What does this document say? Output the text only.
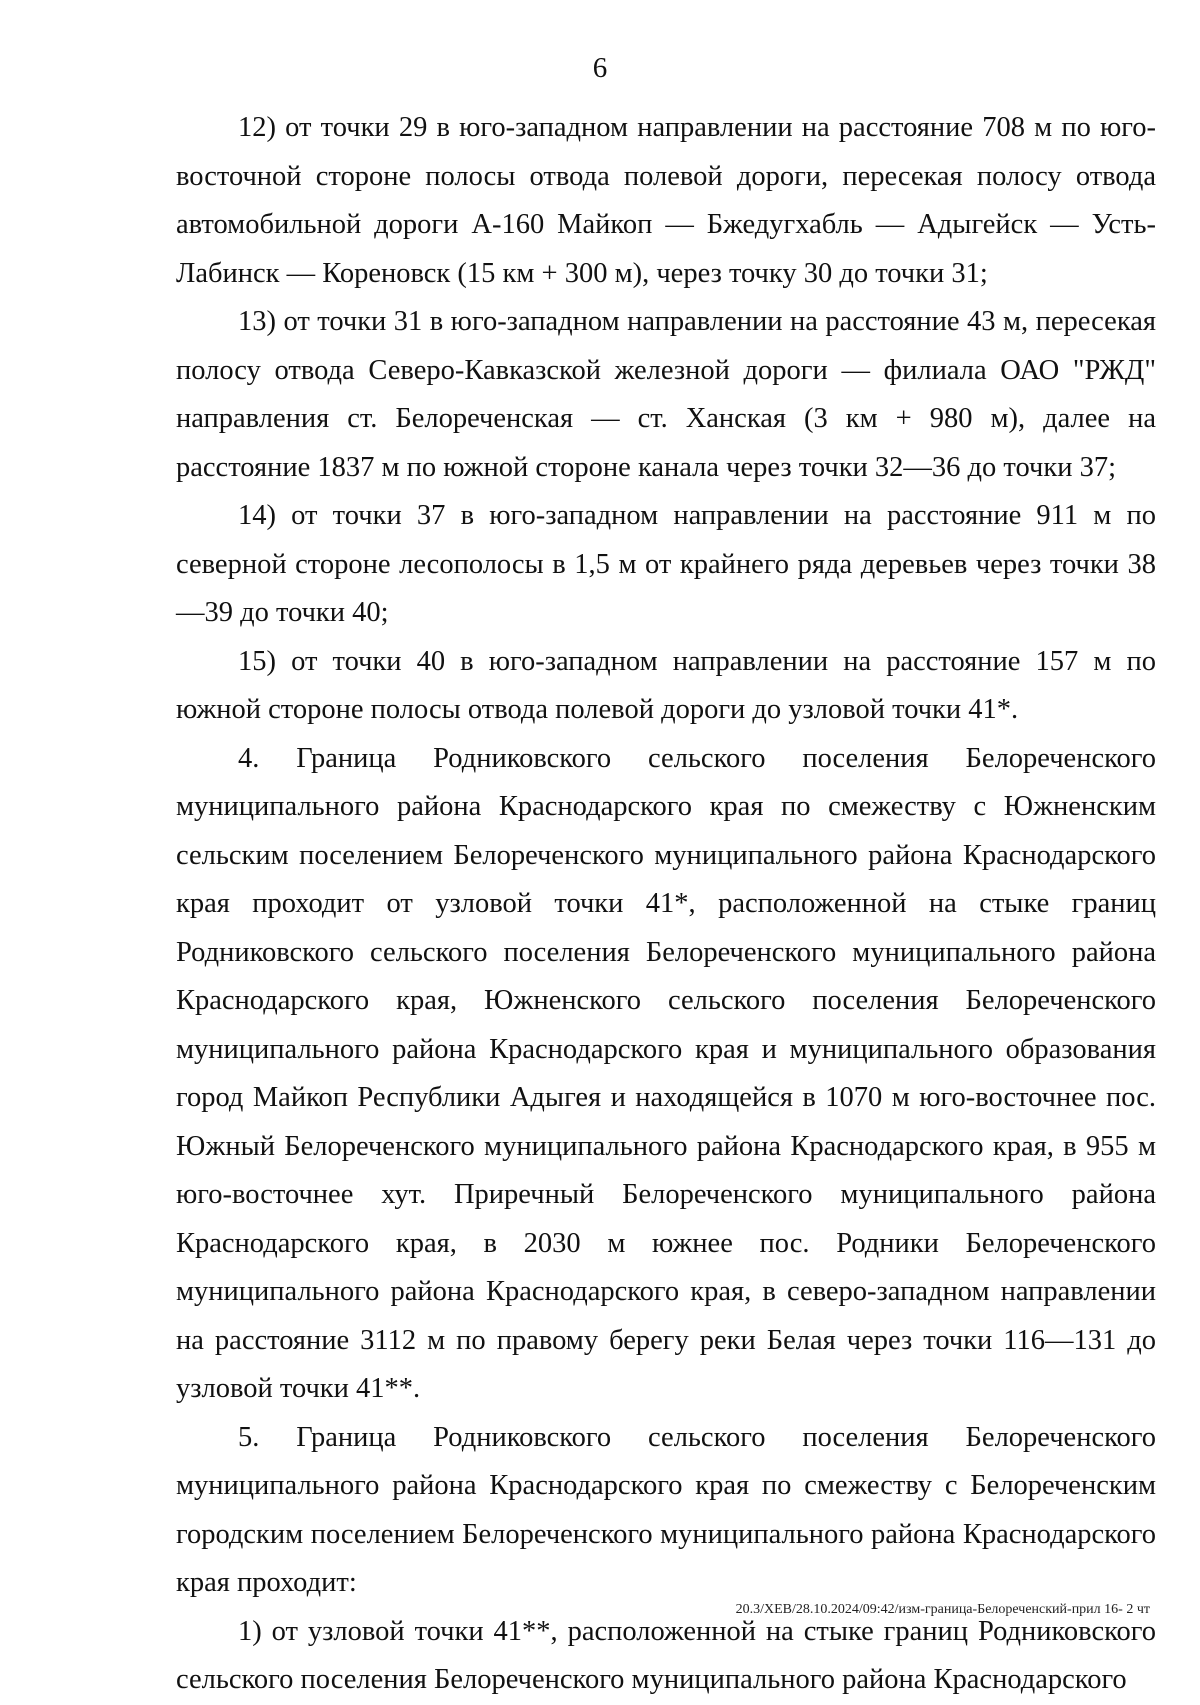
6

12) от точки 29 в юго-западном направлении на расстояние 708 м по юго-восточной стороне полосы отвода полевой дороги, пересекая полосу отвода автомобильной дороги А-160 Майкоп — Бжедугхабль — Адыгейск — Усть-Лабинск — Кореновск (15 км + 300 м), через точку 30 до точки 31;

13) от точки 31 в юго-западном направлении на расстояние 43 м, пересекая полосу отвода Северо-Кавказской железной дороги — филиала ОАО "РЖД" направления ст. Белореченская — ст. Ханская (3 км + 980 м), далее на расстояние 1837 м по южной стороне канала через точки 32—36 до точки 37;

14) от точки 37 в юго-западном направлении на расстояние 911 м по северной стороне лесополосы в 1,5 м от крайнего ряда деревьев через точки 38—39 до точки 40;

15) от точки 40 в юго-западном направлении на расстояние 157 м по южной стороне полосы отвода полевой дороги до узловой точки 41*.

4. Граница Родниковского сельского поселения Белореченского муниципального района Краснодарского края по смежеству с Южненским сельским поселением Белореченского муниципального района Краснодарского края проходит от узловой точки 41*, расположенной на стыке границ Родниковского сельского поселения Белореченского муниципального района Краснодарского края, Южненского сельского поселения Белореченского муниципального района Краснодарского края и муниципального образования город Майкоп Республики Адыгея и находящейся в 1070 м юго-восточнее пос. Южный Белореченского муниципального района Краснодарского края, в 955 м юго-восточнее хут. Приречный Белореченского муниципального района Краснодарского края, в 2030 м южнее пос. Родники Белореченского муниципального района Краснодарского края, в северо-западном направлении на расстояние 3112 м по правому берегу реки Белая через точки 116—131 до узловой точки 41**.

5. Граница Родниковского сельского поселения Белореченского муниципального района Краснодарского края по смежеству с Белореченским городским поселением Белореченского муниципального района Краснодарского края проходит:

1) от узловой точки 41**, расположенной на стыке границ Родниковского сельского поселения Белореченского муниципального района Краснодарского

20.3/ХЕВ/28.10.2024/09:42/изм-граница-Белореченский-прил 16- 2 чт
